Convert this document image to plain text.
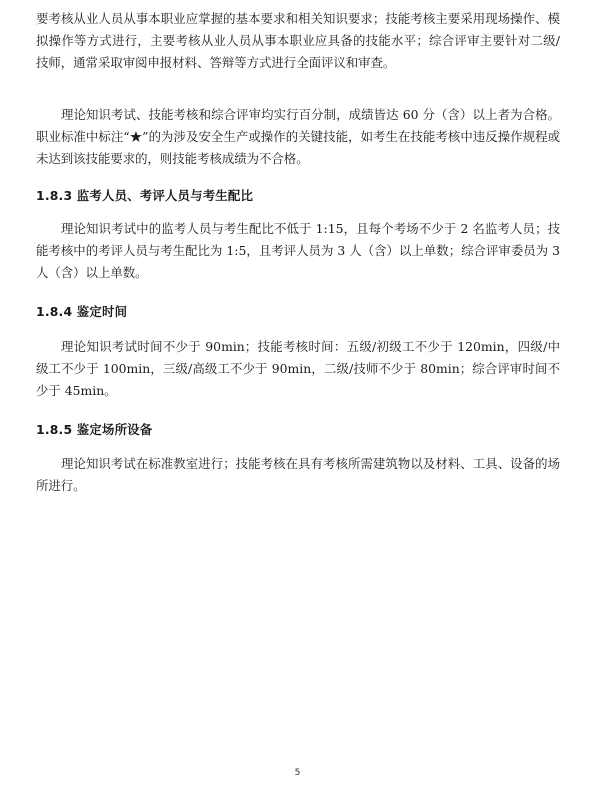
要考核从业人员从事本职业应掌握的基本要求和相关知识要求；技能考核主要采用现场操作、模拟操作等方式进行，主要考核从业人员从事本职业应具备的技能水平；综合评审主要针对二级/技师，通常采取审阅申报材料、答辩等方式进行全面评议和审查。

理论知识考试、技能考核和综合评审均实行百分制，成绩皆达 60 分（含）以上者为合格。职业标准中标注“★”的为涉及安全生产或操作的关键技能，如考生在技能考核中违反操作规程或未达到该技能要求的，则技能考核成绩为不合格。

1.8.3 监考人员、考评人员与考生配比

理论知识考试中的监考人员与考生配比不低于 1:15，且每个考场不少于 2 名监考人员；技能考核中的考评人员与考生配比为 1:5，且考评人员为 3 人（含）以上单数；综合评审委员为 3 人（含）以上单数。

1.8.4 鉴定时间

理论知识考试时间不少于 90min；技能考核时间：五级/初级工不少于 120min，四级/中级工不少于 100min，三级/高级工不少于 90min，二级/技师不少于 80min；综合评审时间不少于 45min。

1.8.5 鉴定场所设备

理论知识考试在标准教室进行；技能考核在具有考核所需建筑物以及材料、工具、设备的场所进行。

5
